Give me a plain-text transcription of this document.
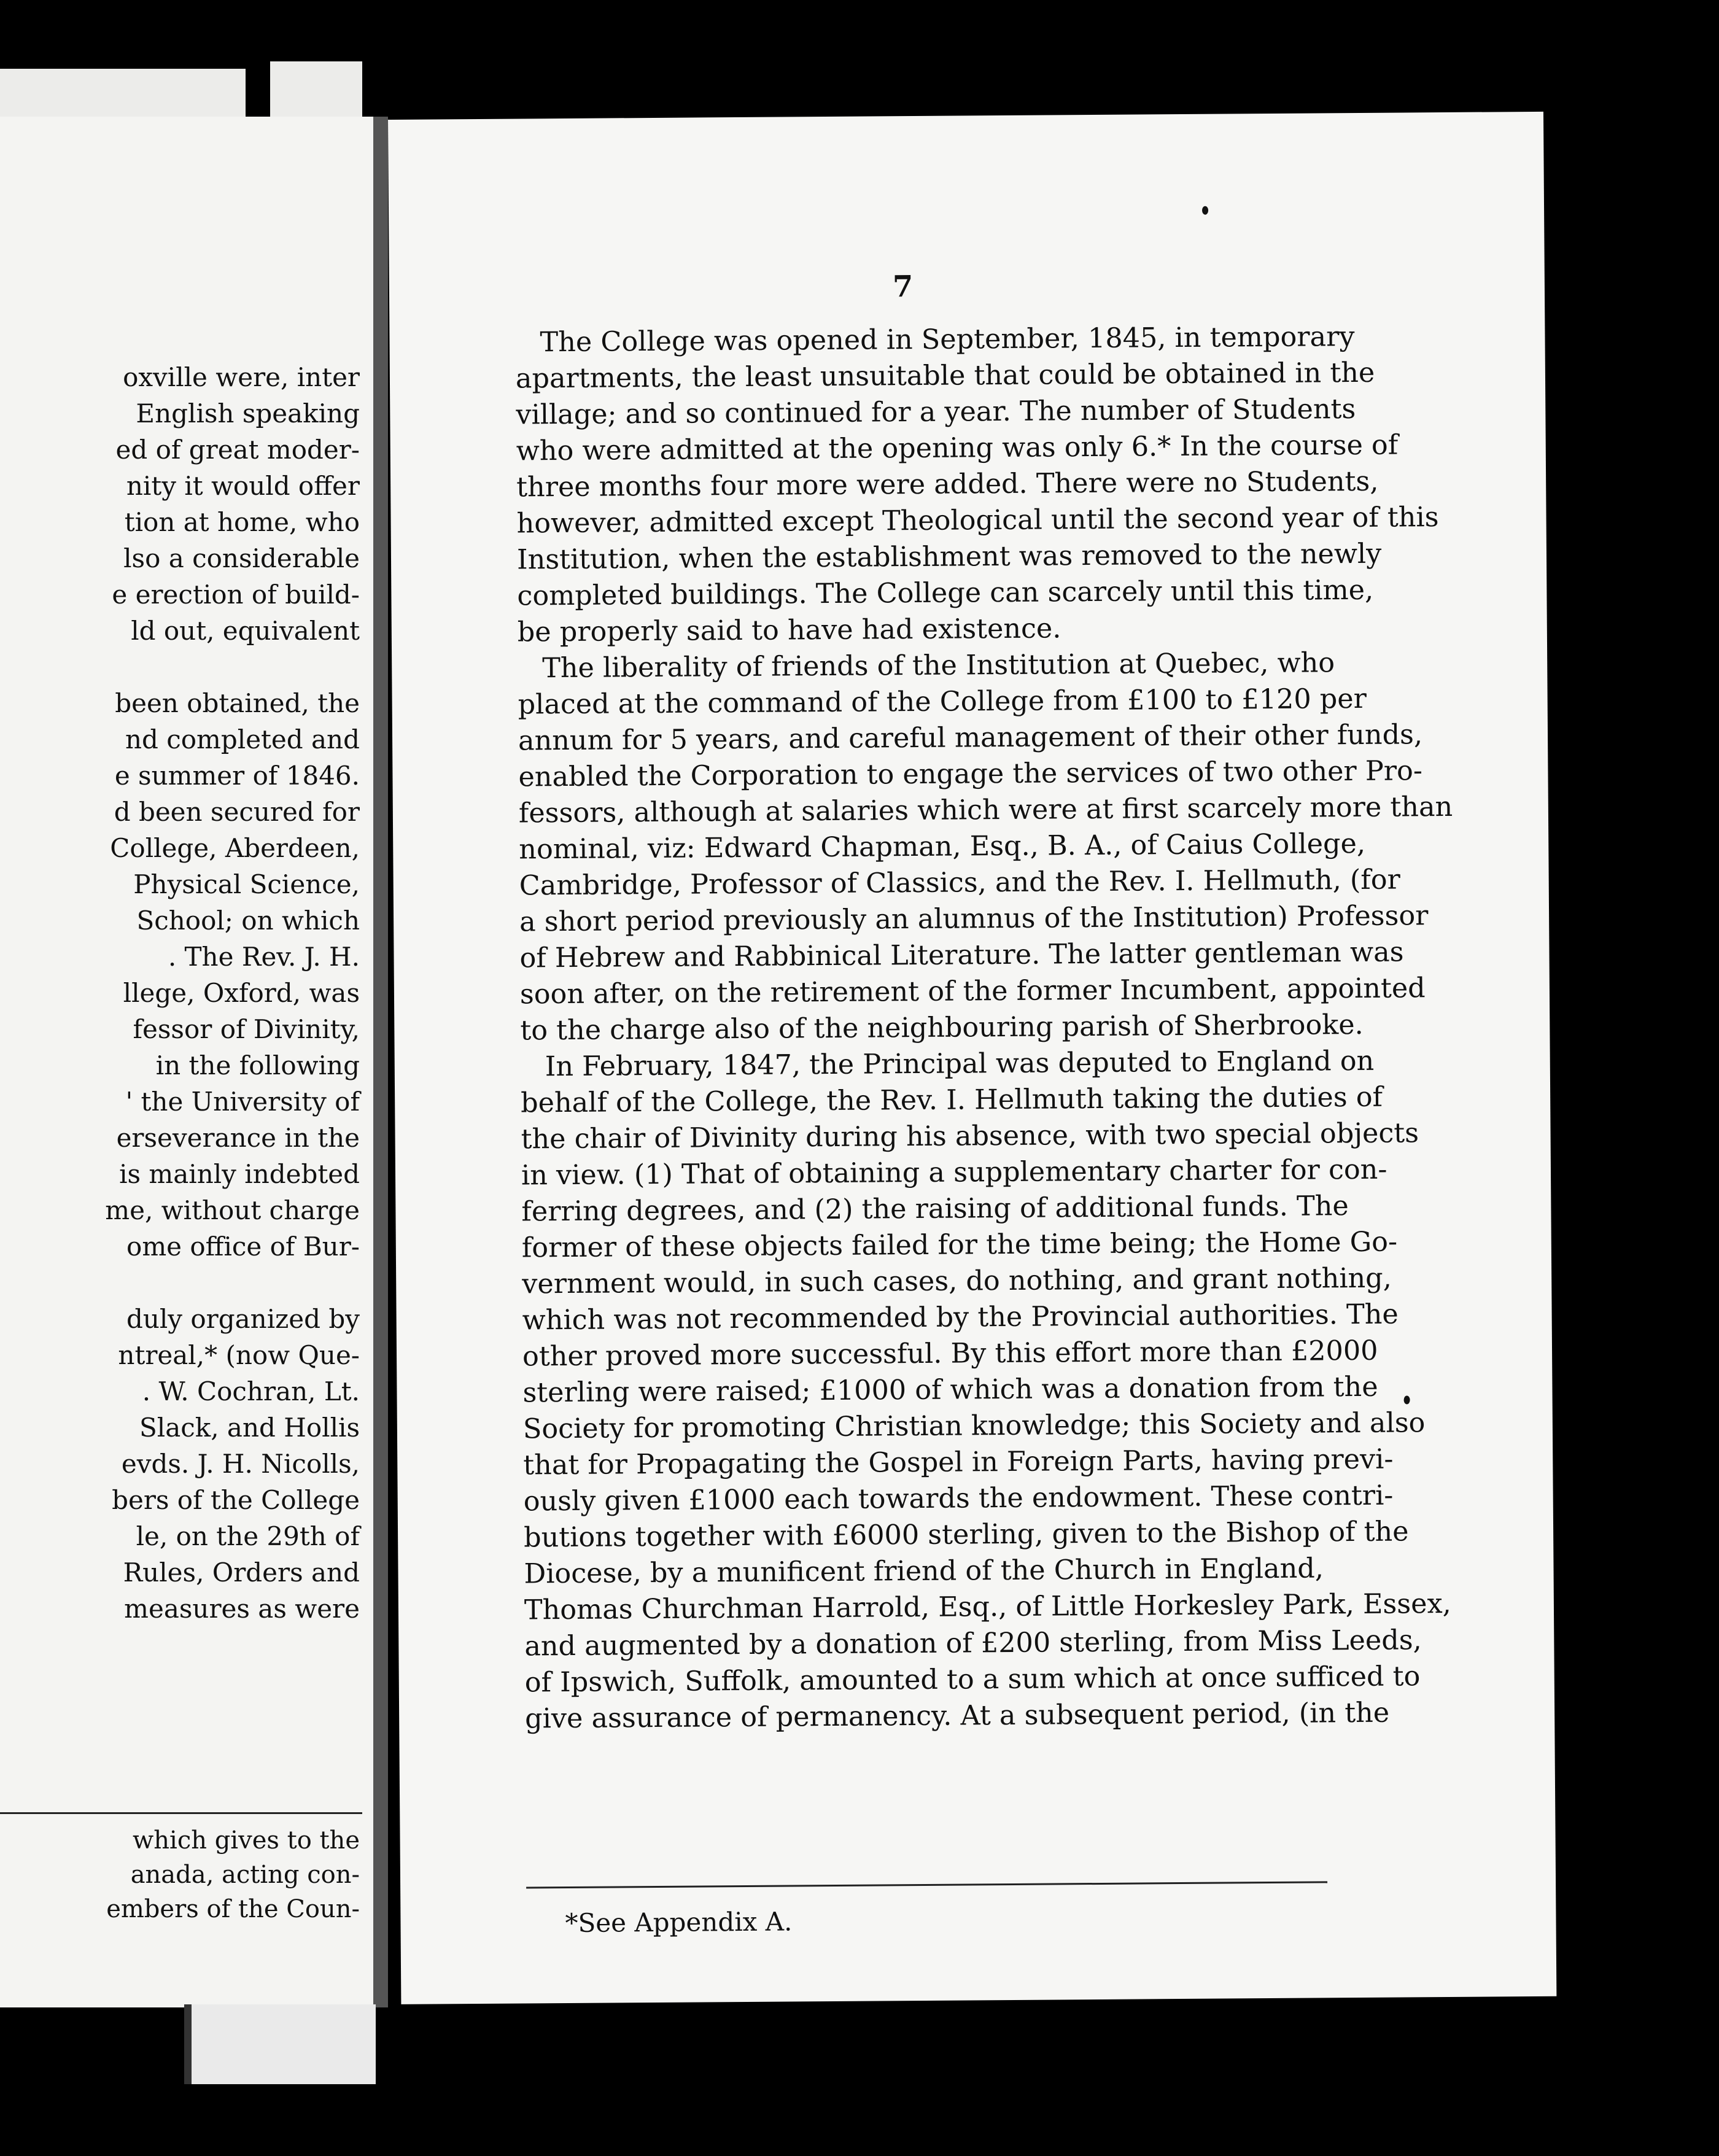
oxville were, inter
English speaking
ed of great moder-
nity it would offer
tion at home, who
lso a considerable
e erection of build-
ld out, equivalent
been obtained, the
nd completed and
e summer of 1846.
d been secured for
College, Aberdeen,
Physical Science,
School; on which
. The Rev. J. H.
llege, Oxford, was
fessor of Divinity,
in the following
' the University of
erseverance in the
is mainly indebted
me, without charge
ome office of Bur-
duly organized by
ntreal,* (now Que-
. W. Cochran, Lt.
Slack, and Hollis
evds. J. H. Nicolls,
bers of the College
le, on the 29th of
Rules, Orders and
measures as were
which gives to the
anada, acting con-
embers of the Coun-
7
The College was opened in September, 1845, in temporary
apartments, the least unsuitable that could be obtained in the
village; and so continued for a year. The number of Students
who were admitted at the opening was only 6.* In the course of
three months four more were added. There were no Students,
however, admitted except Theological until the second year of this
Institution, when the establishment was removed to the newly
completed buildings. The College can scarcely until this time,
be properly said to have had existence.
The liberality of friends of the Institution at Quebec, who
placed at the command of the College from £100 to £120 per
annum for 5 years, and careful management of their other funds,
enabled the Corporation to engage the services of two other Pro-
fessors, although at salaries which were at first scarcely more than
nominal, viz: Edward Chapman, Esq., B. A., of Caius College,
Cambridge, Professor of Classics, and the Rev. I. Hellmuth, (for
a short period previously an alumnus of the Institution) Professor
of Hebrew and Rabbinical Literature. The latter gentleman was
soon after, on the retirement of the former Incumbent, appointed
to the charge also of the neighbouring parish of Sherbrooke.
In February, 1847, the Principal was deputed to England on
behalf of the College, the Rev. I. Hellmuth taking the duties of
the chair of Divinity during his absence, with two special objects
in view. (1) That of obtaining a supplementary charter for con-
ferring degrees, and (2) the raising of additional funds. The
former of these objects failed for the time being; the Home Go-
vernment would, in such cases, do nothing, and grant nothing,
which was not recommended by the Provincial authorities. The
other proved more successful. By this effort more than £2000
sterling were raised; £1000 of which was a donation from the
Society for promoting Christian knowledge; this Society and also
that for Propagating the Gospel in Foreign Parts, having previ-
ously given £1000 each towards the endowment. These contri-
butions together with £6000 sterling, given to the Bishop of the
Diocese, by a munificent friend of the Church in England,
Thomas Churchman Harrold, Esq., of Little Horkesley Park, Essex,
and augmented by a donation of £200 sterling, from Miss Leeds,
of Ipswich, Suffolk, amounted to a sum which at once sufficed to
give assurance of permanency. At a subsequent period, (in the
*See Appendix A.
